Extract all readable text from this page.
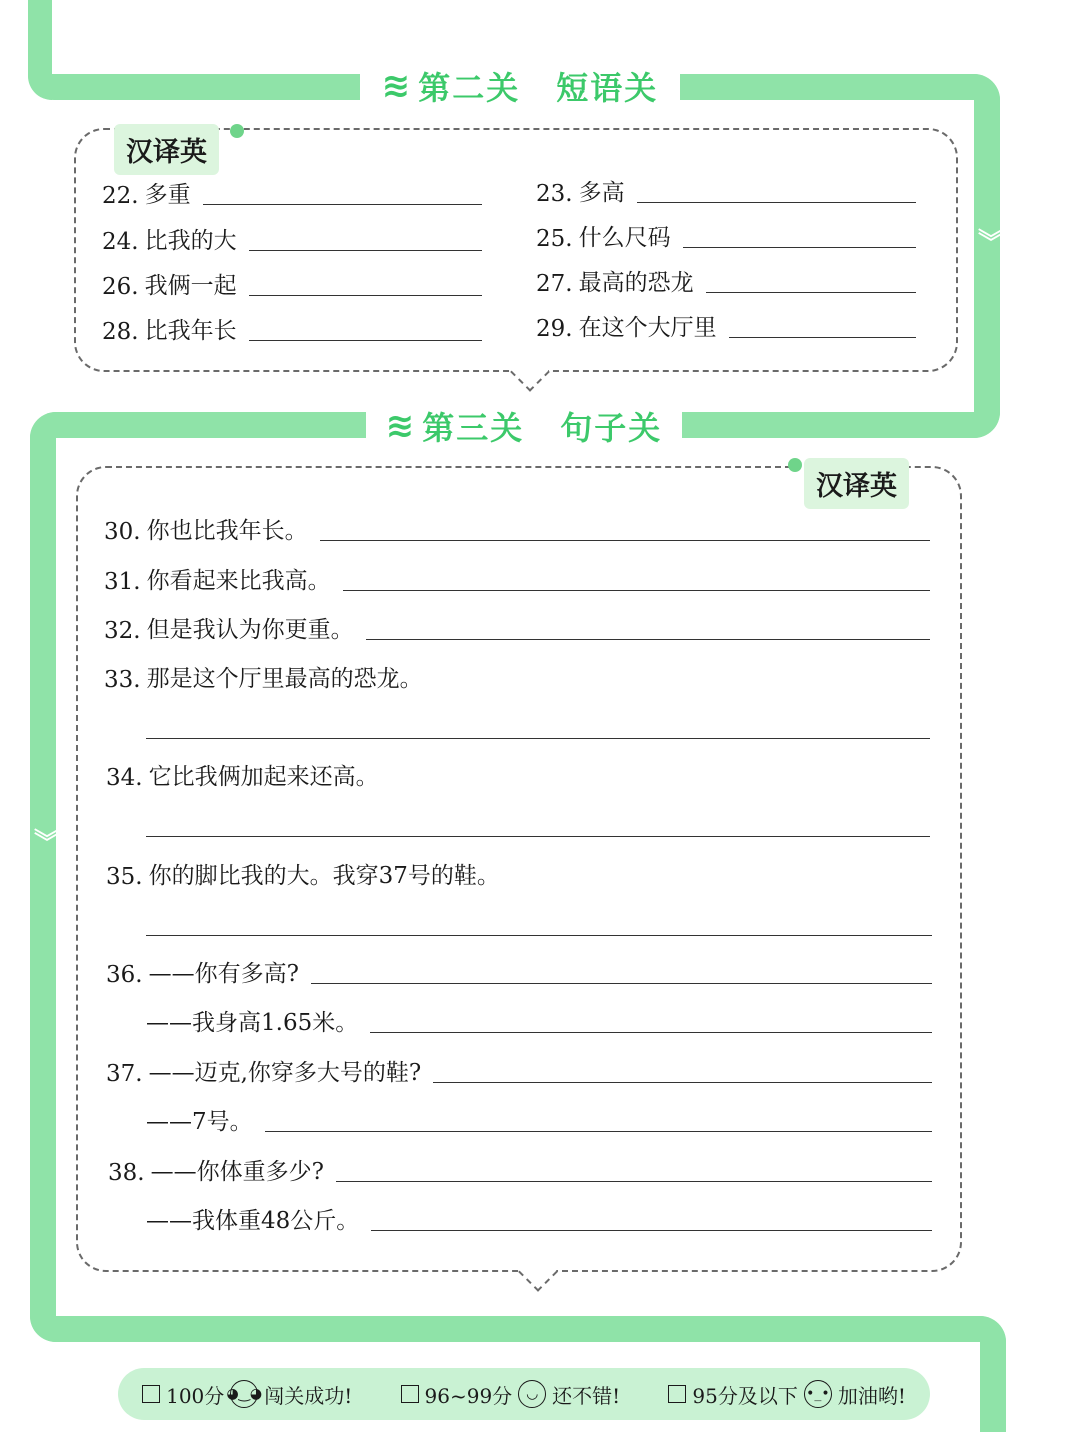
︾
︾
≋ 第二关 短语关
汉译英
22. 多重	23. 多高
24. 比我的大	25. 什么尺码
26. 我俩一起	27. 最高的恐龙
28. 比我年长	29. 在这个大厅里
≋ 第三关 句子关
汉译英
30. 你也比我年长。
31. 你看起来比我高。
32. 但是我认为你更重。
33. 那是这个厅里最高的恐龙。
34. 它比我俩加起来还高。
35. 你的脚比我的大。我穿37号的鞋。
36. ——你有多高?
——我身高1.65米。
37. ——迈克,你穿多大号的鞋?
——7号。
38. ——你体重多少?
——我体重48公斤。
100分 ◕‿◕ 闯关成功!	96~99分 ◡ 还不错!	95分及以下 •_• 加油哟!
